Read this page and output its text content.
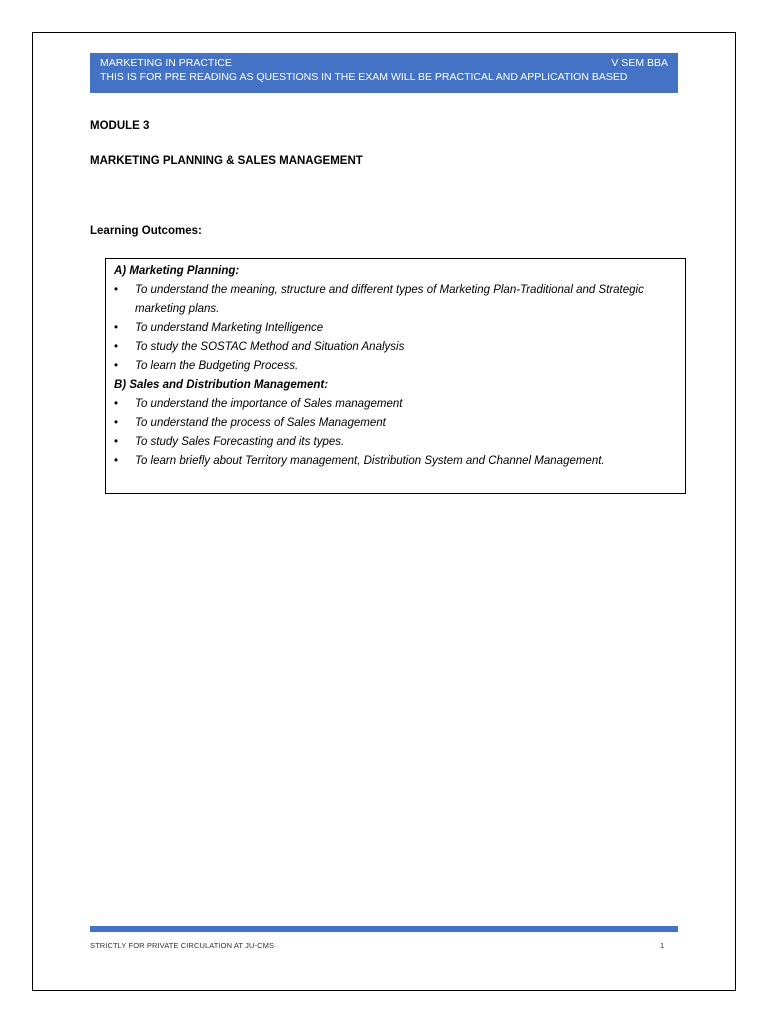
MARKETING IN PRACTICE	V SEM BBA
THIS IS FOR PRE READING AS QUESTIONS IN THE EXAM WILL BE PRACTICAL AND APPLICATION BASED
MODULE 3
MARKETING PLANNING & SALES MANAGEMENT
Learning Outcomes:
A) Marketing Planning:
• To understand the meaning, structure and different types of Marketing Plan-Traditional and Strategic marketing plans.
• To understand Marketing Intelligence
• To study the SOSTAC Method and Situation Analysis
• To learn the Budgeting Process.
B) Sales and Distribution Management:
• To understand the importance of Sales management
• To understand the process of Sales Management
• To study Sales Forecasting and its types.
• To learn briefly about Territory management, Distribution System and Channel Management.
STRICTLY FOR PRIVATE CIRCULATION AT JU-CMS	1
